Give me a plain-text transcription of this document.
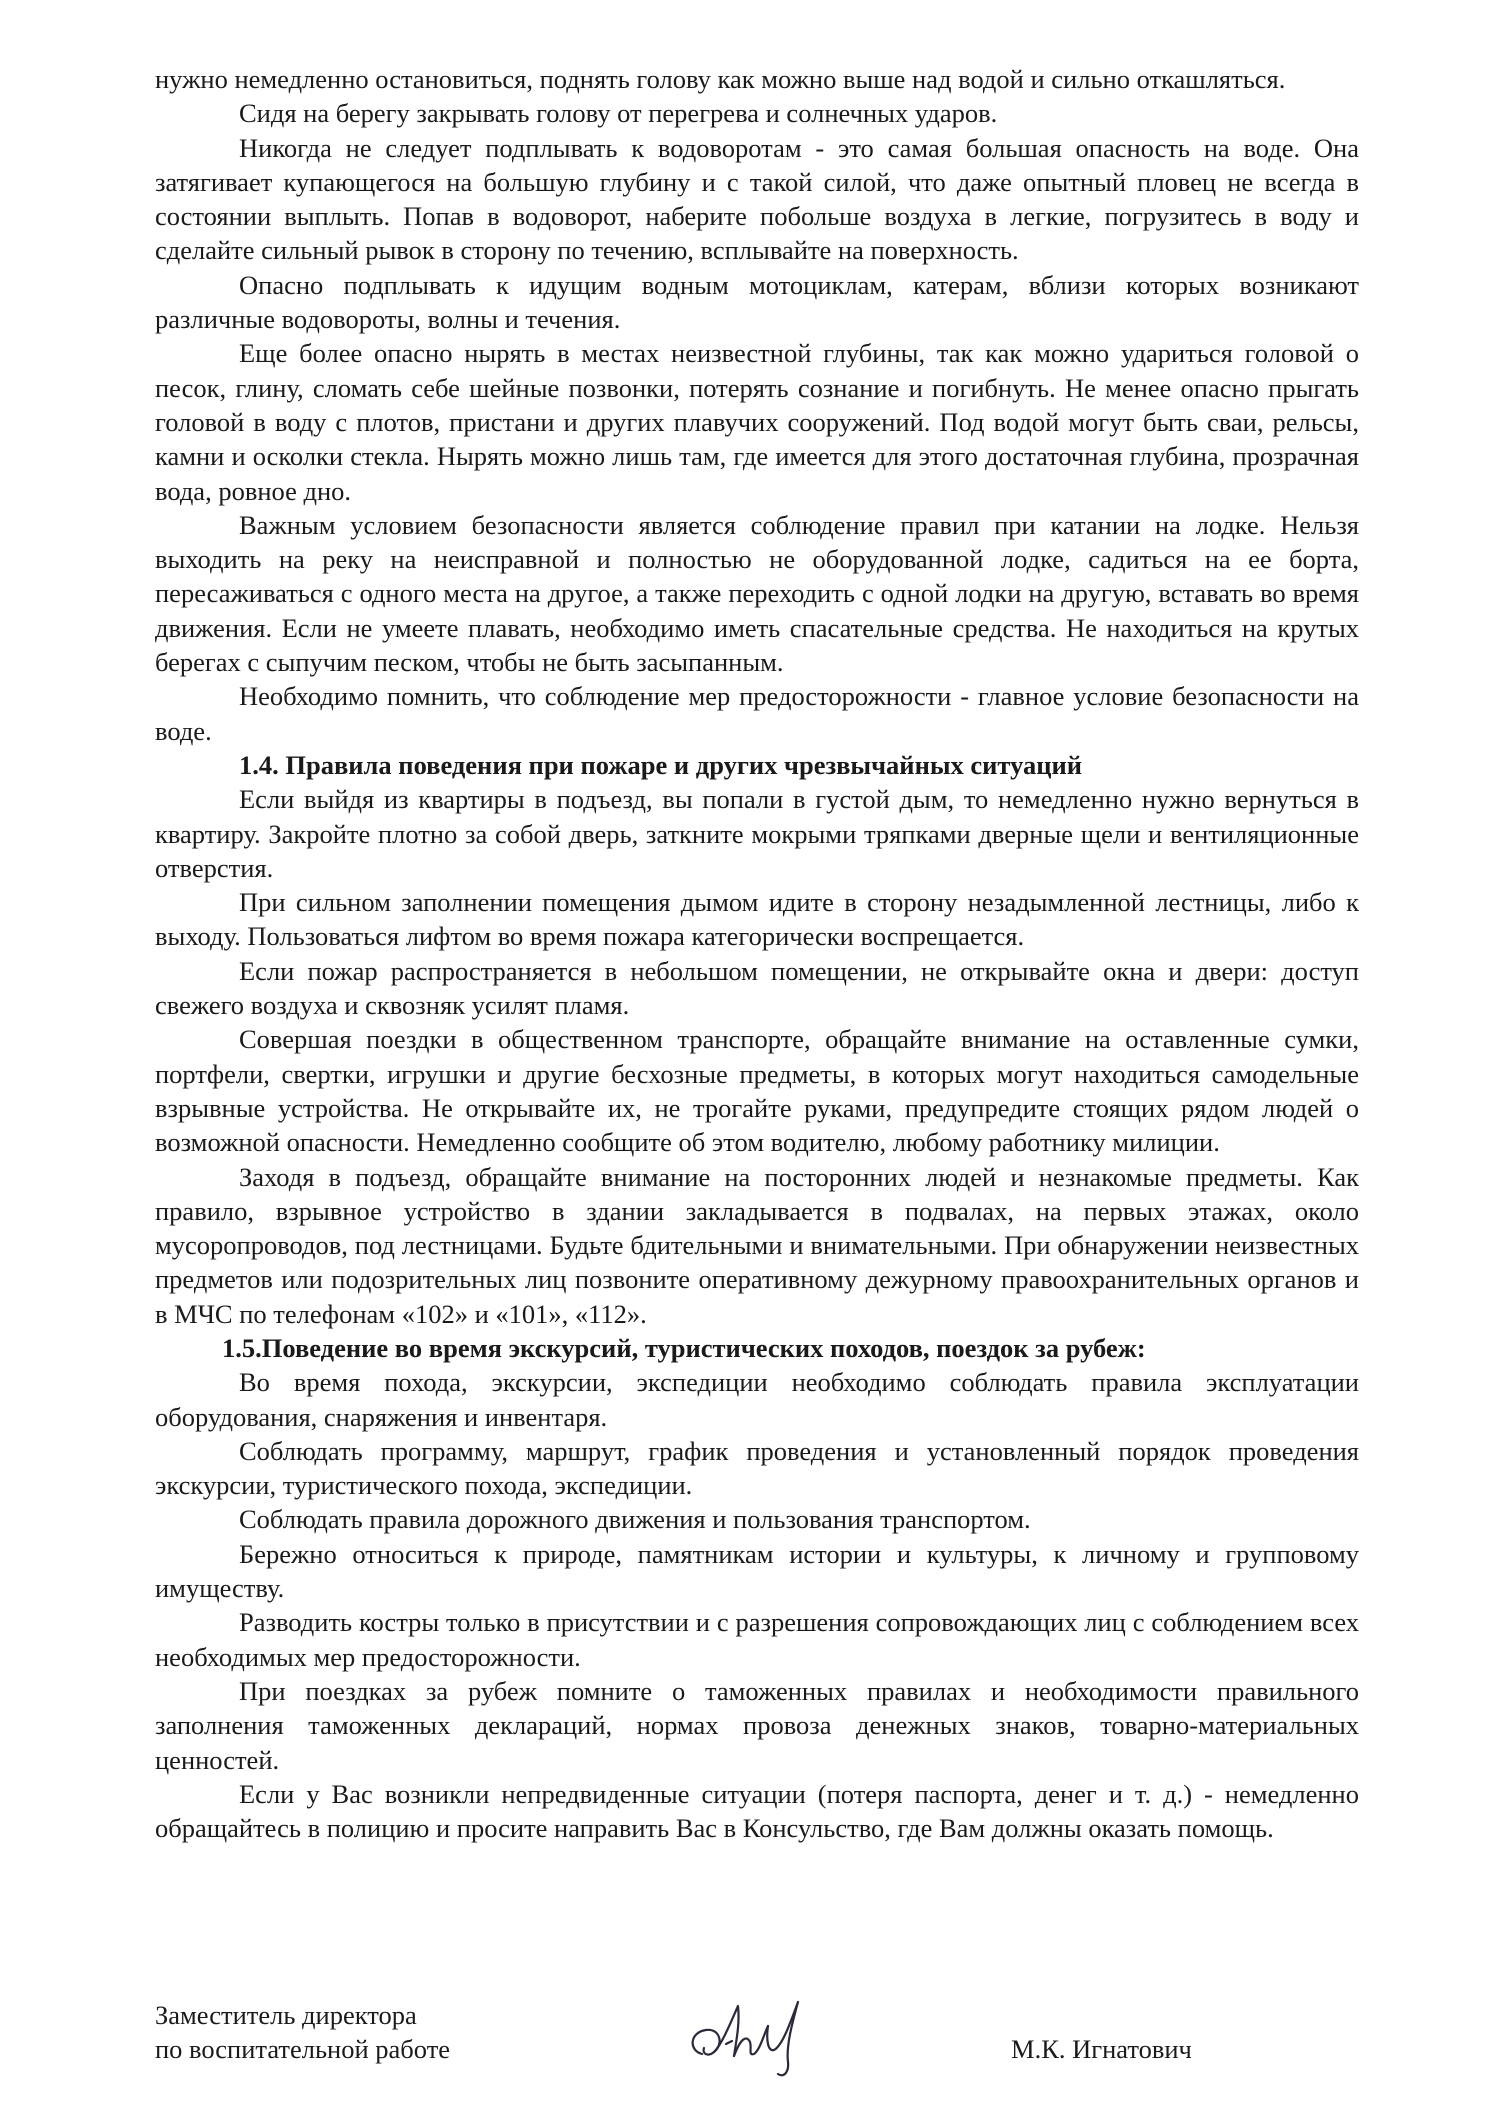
нужно немедленно остановиться, поднять голову как можно выше над водой и сильно откашляться.

Сидя на берегу закрывать голову от перегрева и солнечных ударов.

Никогда не следует подплывать к водоворотам - это самая большая опасность на воде. Она затягивает купающегося на большую глубину и с такой силой, что даже опытный пловец не всегда в состоянии выплыть. Попав в водоворот, наберите побольше воздуха в легкие, погрузитесь в воду и сделайте сильный рывок в сторону по течению, всплывайте на поверхность.

Опасно подплывать к идущим водным мотоциклам, катерам, вблизи которых возникают различные водовороты, волны и течения.

Еще более опасно нырять в местах неизвестной глубины, так как можно удариться головой о песок, глину, сломать себе шейные позвонки, потерять сознание и погибнуть. Не менее опасно прыгать головой в воду с плотов, пристани и других плавучих сооружений. Под водой могут быть сваи, рельсы, камни и осколки стекла. Нырять можно лишь там, где имеется для этого достаточная глубина, прозрачная вода, ровное дно.

Важным условием безопасности является соблюдение правил при катании на лодке. Нельзя выходить на реку на неисправной и полностью не оборудованной лодке, садиться на ее борта, пересаживаться с одного места на другое, а также переходить с одной лодки на другую, вставать во время движения. Если не умеете плавать, необходимо иметь спасательные средства. Не находиться на крутых берегах с сыпучим песком, чтобы не быть засыпанным.

Необходимо помнить, что соблюдение мер предосторожности - главное условие безопасности на воде.

1.4. Правила поведения при пожаре и других чрезвычайных ситуаций

Если выйдя из квартиры в подъезд, вы попали в густой дым, то немедленно нужно вернуться в квартиру. Закройте плотно за собой дверь, заткните мокрыми тряпками дверные щели и вентиляционные отверстия.

При сильном заполнении помещения дымом идите в сторону незадымленной лестницы, либо к выходу. Пользоваться лифтом во время пожара категорически воспрещается.

Если пожар распространяется в небольшом помещении, не открывайте окна и двери: доступ свежего воздуха и сквозняк усилят пламя.

Совершая поездки в общественном транспорте, обращайте внимание на оставленные сумки, портфели, свертки, игрушки и другие бесхозные предметы, в которых могут находиться самодельные взрывные устройства. Не открывайте их, не трогайте руками, предупредите стоящих рядом людей о возможной опасности. Немедленно сообщите об этом водителю, любому работнику милиции.

Заходя в подъезд, обращайте внимание на посторонних людей и незнакомые предметы. Как правило, взрывное устройство в здании закладывается в подвалах, на первых этажах, около мусоропроводов, под лестницами. Будьте бдительными и внимательными. При обнаружении неизвестных предметов или подозрительных лиц позвоните оперативному дежурному правоохранительных органов и в МЧС по телефонам «102» и «101», «112».

1.5.Поведение во время экскурсий, туристических походов, поездок за рубеж:

Во время похода, экскурсии, экспедиции необходимо соблюдать правила эксплуатации оборудования, снаряжения и инвентаря.

Соблюдать программу, маршрут, график проведения и установленный порядок проведения экскурсии, туристического похода, экспедиции.

Соблюдать правила дорожного движения и пользования транспортом.

Бережно относиться к природе, памятникам истории и культуры, к личному и групповому имуществу.

Разводить костры только в присутствии и с разрешения сопровождающих лиц с соблюдением всех необходимых мер предосторожности.

При поездках за рубеж помните о таможенных правилах и необходимости правильного заполнения таможенных деклараций, нормах провоза денежных знаков, товарно-материальных ценностей.

Если у Вас возникли непредвиденные ситуации (потеря паспорта, денег и т. д.) - немедленно обращайтесь в полицию и просите направить Вас в Консульство, где Вам должны оказать помощь.

Заместитель директора
по воспитательной работе	М.К. Игнатович
